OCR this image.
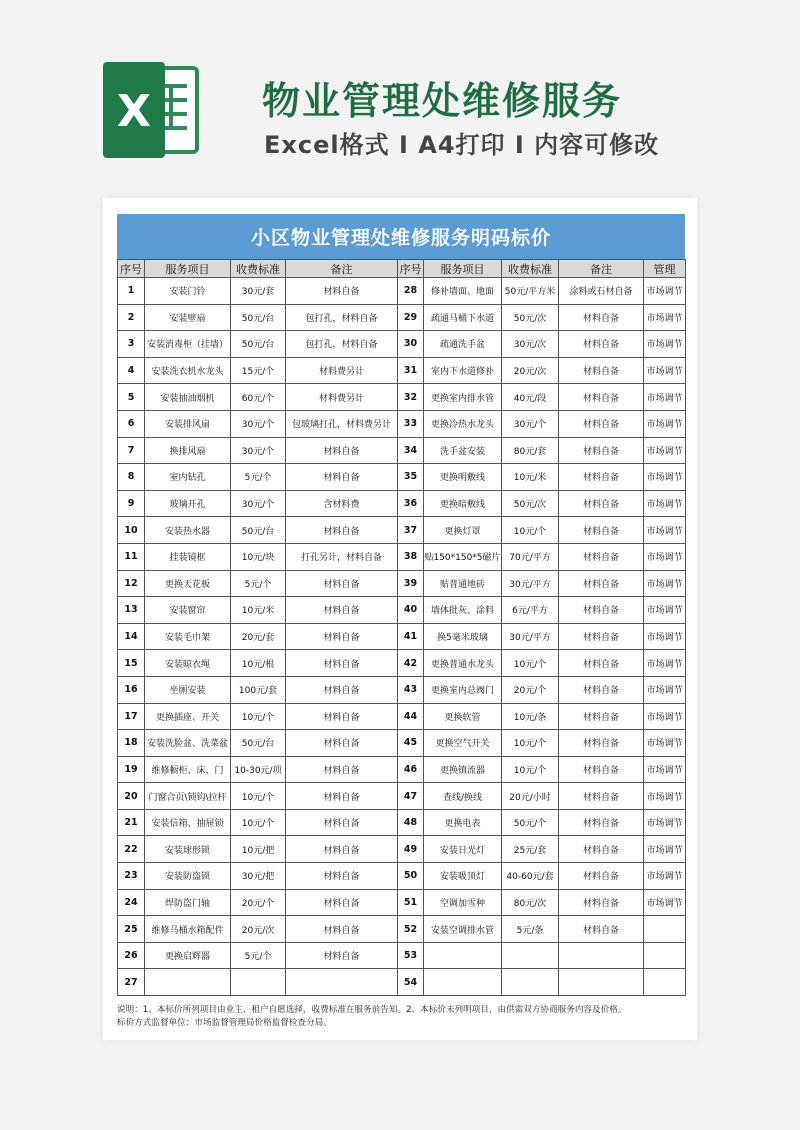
X	物业管理处维修服务

Excel格式 I A4打印 I 内容可修改

小区物业管理处维修服务明码标价
序号	服务项目	收费标准	备注	序号	服务项目	收费标准	备注	管理
1	安装门铃	30元/套	材料自备	28	修补墙面、地面	50元/平方米	涂料或石材自备	市场调节
2	安装壁扇	50元/台	包打孔，材料自备	29	疏通马桶下水道	50元/次	材料自备	市场调节
3	安装消毒柜（挂墙）	50元/台	包打孔，材料自备	30	疏通洗手盆	30元/次	材料自备	市场调节
4	安装洗衣机水龙头	15元/个	材料费另计	31	室内下水道修补	20元/次	材料自备	市场调节
5	安装抽油烟机	60元/个	材料费另计	32	更换室内排水管	40元/段	材料自备	市场调节
6	安装排风扇	30元/个	包玻璃打孔，材料费另计	33	更换冷热水龙头	30元/个	材料自备	市场调节
7	换排风扇	30元/个	材料自备	34	洗手盆安装	80元/套	材料自备	市场调节
8	室内钻孔	5元/个	材料自备	35	更换明敷线	10元/米	材料自备	市场调节
9	玻璃开孔	30元/个	含材料费	36	更换暗敷线	50元/次	材料自备	市场调节
10	安装热水器	50元/台	材料自备	37	更换灯罩	10元/个	材料自备	市场调节
11	挂装镜框	10元/块	打孔另计，材料自备	38	贴150*150*5磁片	70元/平方	材料自备	市场调节
12	更换天花板	5元/个	材料自备	39	贴普通地砖	30元/平方	材料自备	市场调节
13	安装窗帘	10元/米	材料自备	40	墙体批灰、涂料	6元/平方	材料自备	市场调节
14	安装毛巾架	20元/套	材料自备	41	换5毫米玻璃	30元/平方	材料自备	市场调节
15	安装晾衣绳	10元/根	材料自备	42	更换普通水龙头	10元/个	材料自备	市场调节
16	坐厕安装	100元/套	材料自备	43	更换室内总阀门	20元/个	材料自备	市场调节
17	更换插座、开关	10元/个	材料自备	44	更换软管	10元/条	材料自备	市场调节
18	安装洗脸盆、洗菜盆	50元/台	材料自备	45	更换空气开关	10元/个	材料自备	市场调节
19	维修橱柜、床、门	10-30元/项	材料自备	46	更换镇流器	10元/个	材料自备	市场调节
20	门窗合页\锁钩\拉杆	10元/个	材料自备	47	查线/换线	20元/小时	材料自备	市场调节
21	安装信箱、抽屉锁	10元/个	材料自备	48	更换电表	50元/个	材料自备	市场调节
22	安装球形锁	10元/把	材料自备	49	安装日光灯	25元/套	材料自备	市场调节
23	安装防盗锁	30元/把	材料自备	50	安装吸顶灯	40-60元/套	材料自备	市场调节
24	焊防盗门轴	20元/个	材料自备	51	空调加雪种	80元/次	材料自备	市场调节
25	维修马桶水箱配件	20元/次	材料自备	52	安装空调排水管	5元/条	材料自备	
26	更换启辉器	5元/个	材料自备	53				
27				54				
说明：1、本标价所列项目由业主、租户自愿选择，收费标准在服务前告知。2、本标价未列明项目，由供需双方协商服务内容及价格。
标价方式监督单位：市场监督管理局价格监督检查分局。
